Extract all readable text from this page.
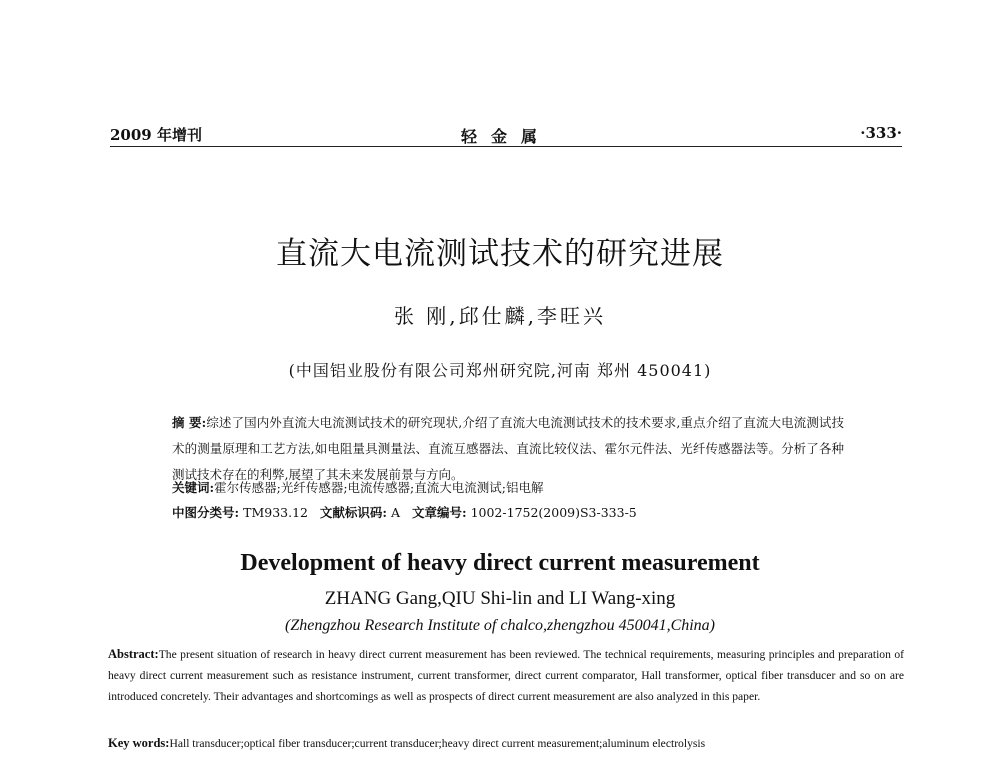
2009 年增刊	轻金属	·333·
直流大电流测试技术的研究进展
张 刚,邱仕麟,李旺兴
(中国铝业股份有限公司郑州研究院,河南 郑州 450041)
摘 要:综述了国内外直流大电流测试技术的研究现状,介绍了直流大电流测试技术的技术要求,重点介绍了直流大电流测试技术的测量原理和工艺方法,如电阻量具测量法、直流互感器法、直流比较仪法、霍尔元件法、光纤传感器法等。分析了各种测试技术存在的利弊,展望了其未来发展前景与方向。
关键词:霍尔传感器;光纤传感器;电流传感器;直流大电流测试;铝电解
中图分类号: TM933.12 文献标识码: A 文章编号: 1002-1752(2009)S3-333-5
Development of heavy direct current measurement
ZHANG Gang,QIU Shi-lin and LI Wang-xing
(Zhengzhou Research Institute of chalco,zhengzhou 450041,China)
Abstract:The present situation of research in heavy direct current measurement has been reviewed. The technical requirements, measuring principles and preparation of heavy direct current measurement such as resistance instrument, current transformer, direct current comparator, Hall transformer, optical fiber transducer and so on are introduced concretely. Their advantages and shortcomings as well as prospects of direct current measurement are also analyzed in this paper.
Key words:Hall transducer;optical fiber transducer;current transducer;heavy direct current measurement;aluminum electrolysis
